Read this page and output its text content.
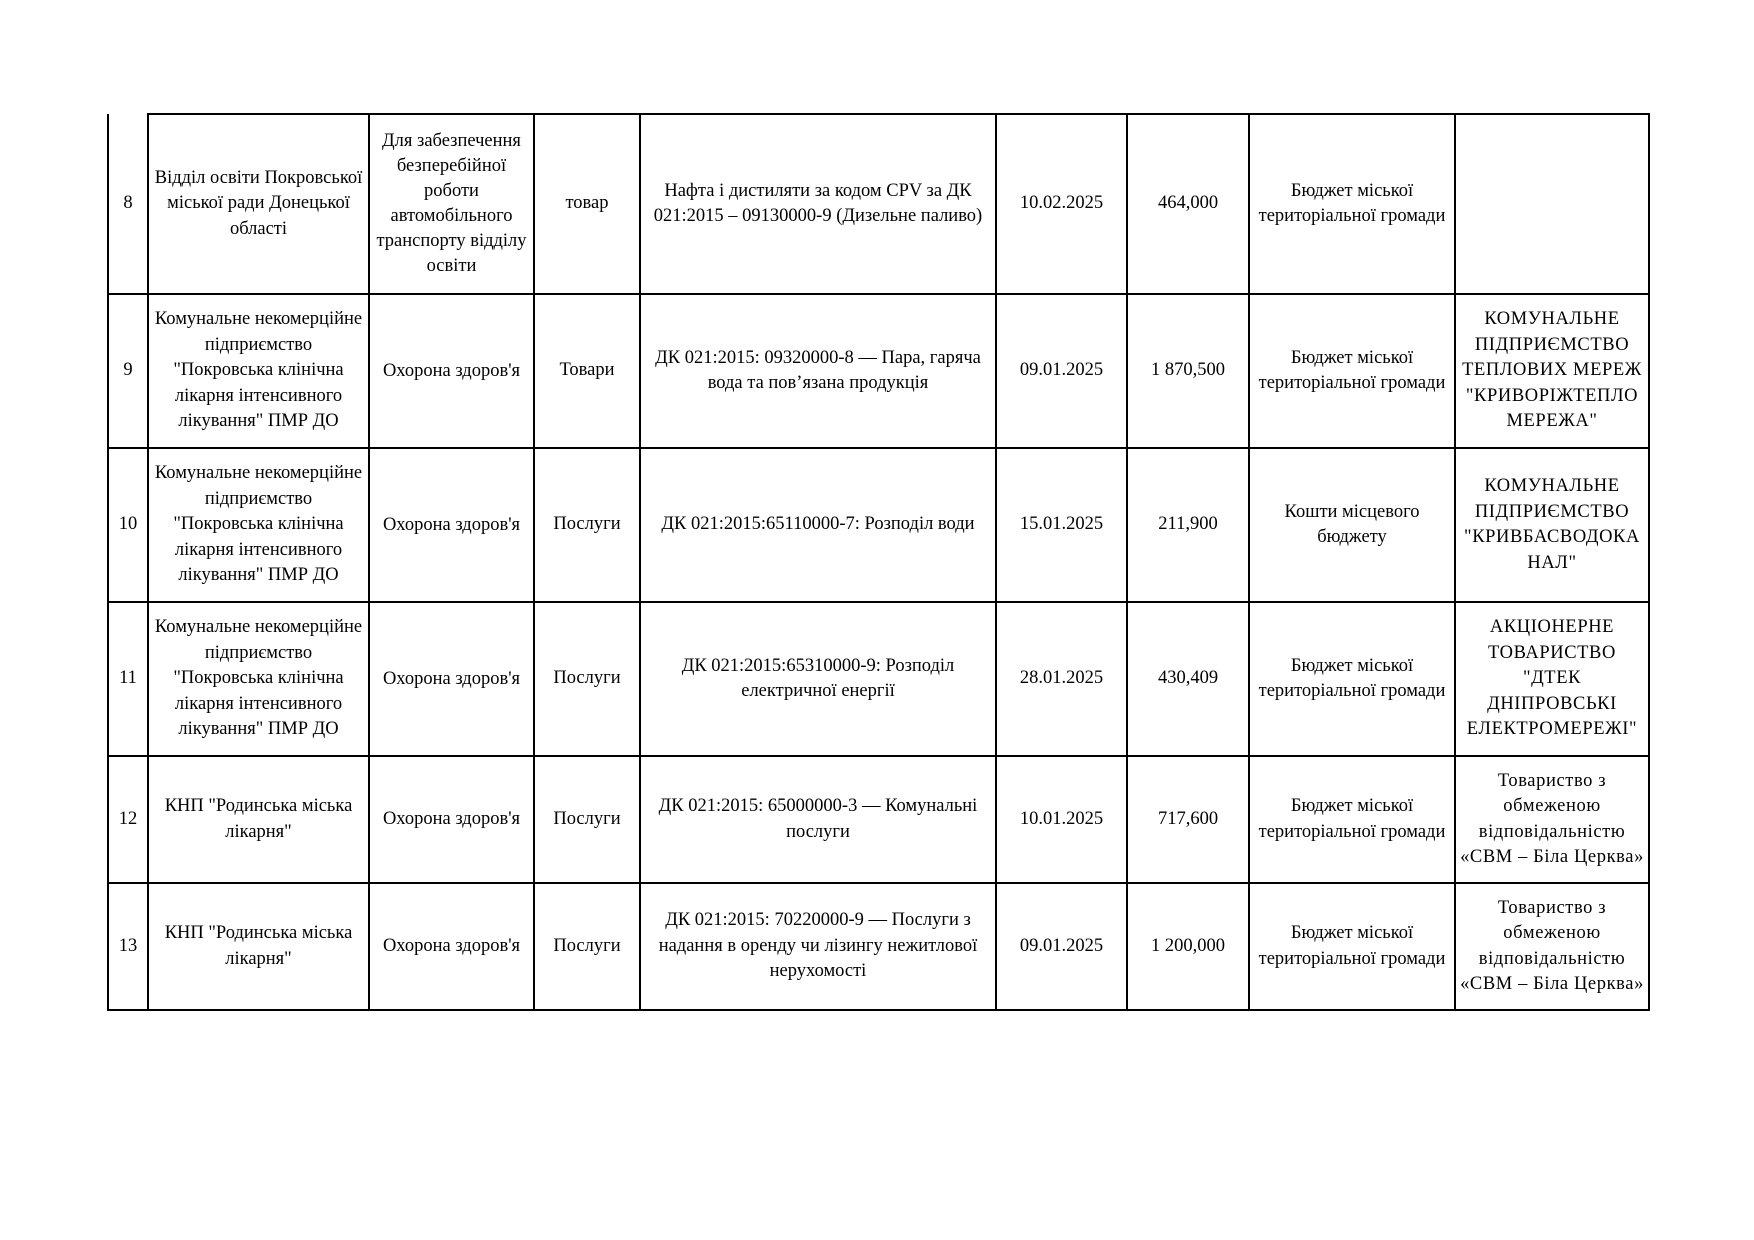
8	Відділ освіти Покровської міської ради Донецької області	Для забезпечення безперебійної роботи автомобільного транспорту відділу освіти	товар	Нафта і дистиляти за кодом CPV за ДК 021:2015 – 09130000-9 (Дизельне паливо)	10.02.2025	464,000	Бюджет міської територіальної громади	
9	Комунальне некомерційне підприємство "Покровська клінічна лікарня інтенсивного лікування" ПМР ДО	Охорона здоров'я	Товари	ДК 021:2015: 09320000-8 — Пара, гаряча вода та пов’язана продукція	09.01.2025	1 870,500	Бюджет міської територіальної громади	КОМУНАЛЬНЕ ПІДПРИЄМСТВО ТЕПЛОВИХ МЕРЕЖ "КРИВОРІЖТЕПЛО МЕРЕЖА"
10	Комунальне некомерційне підприємство "Покровська клінічна лікарня інтенсивного лікування" ПМР ДО	Охорона здоров'я	Послуги	ДК 021:2015:65110000-7: Розподіл води	15.01.2025	211,900	Кошти місцевого бюджету	КОМУНАЛЬНЕ ПІДПРИЄМСТВО "КРИВБАСВОДОКА НАЛ"
11	Комунальне некомерційне підприємство "Покровська клінічна лікарня інтенсивного лікування" ПМР ДО	Охорона здоров'я	Послуги	ДК 021:2015:65310000-9: Розподіл електричної енергії	28.01.2025	430,409	Бюджет міської територіальної громади	АКЦІОНЕРНЕ ТОВАРИСТВО "ДТЕК ДНІПРОВСЬКІ ЕЛЕКТРОМЕРЕЖІ"
12	КНП "Родинська міська лікарня"	Охорона здоров'я	Послуги	ДК 021:2015: 65000000-3 — Комунальні послуги	10.01.2025	717,600	Бюджет міської територіальної громади	Товариство з обмеженою відповідальністю «СВМ – Біла Церква»
13	КНП "Родинська міська лікарня"	Охорона здоров'я	Послуги	ДК 021:2015: 70220000-9 — Послуги з надання в оренду чи лізингу нежитлової нерухомості	09.01.2025	1 200,000	Бюджет міської територіальної громади	Товариство з обмеженою відповідальністю «СВМ – Біла Церква»
